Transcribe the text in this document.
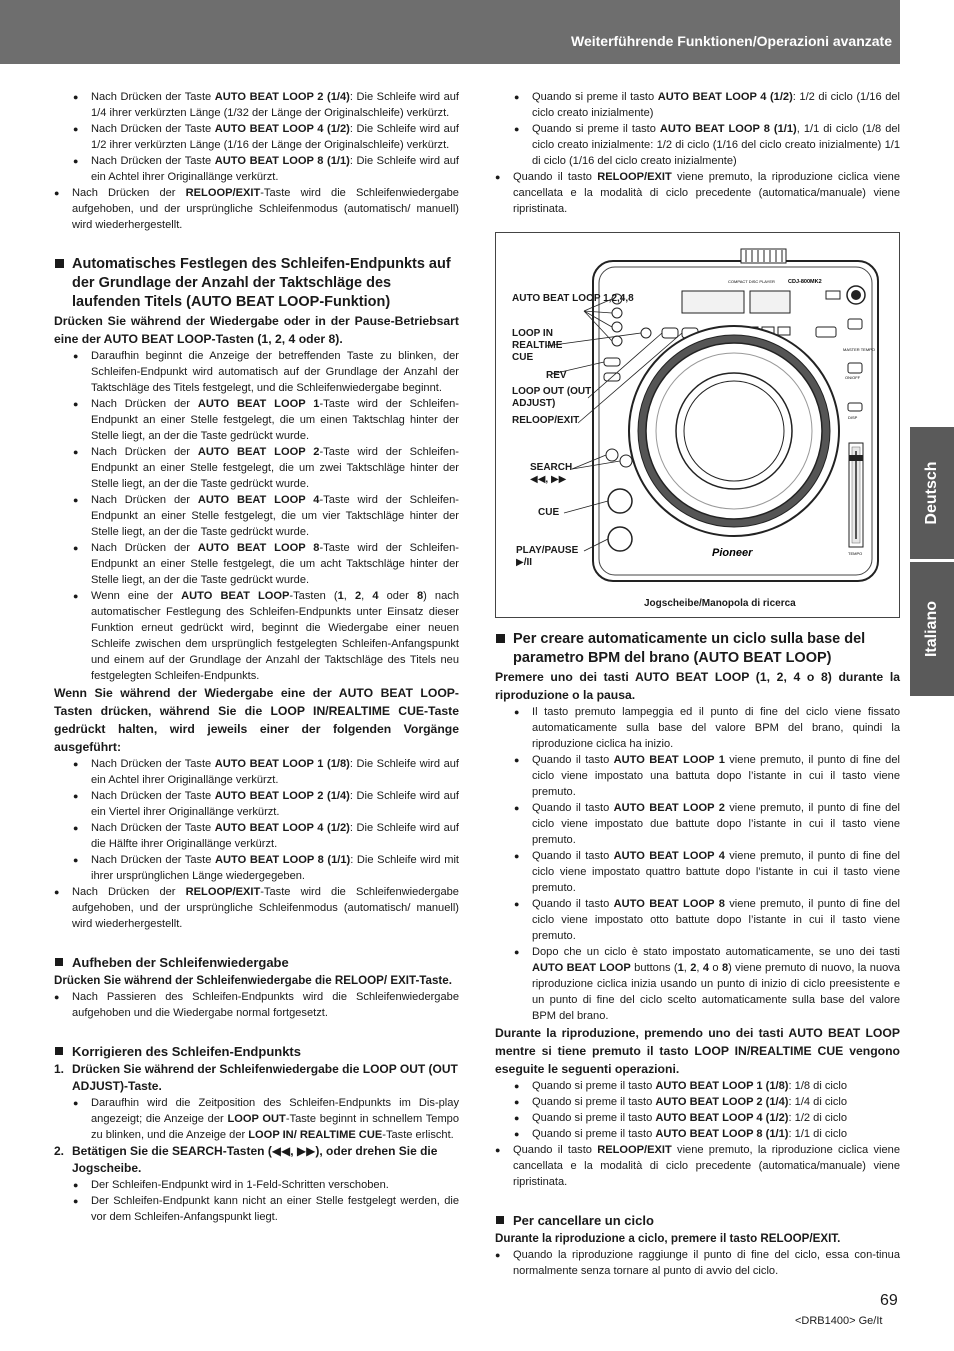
Weiterführende Funktionen/Operazioni avanzate
Deutsch
Italiano
● Nach Drücken der Taste AUTO BEAT LOOP 2 (1/4): Die Schleife wird auf 1/4 ihrer verkürzten Länge (1/32 der Länge der Originalschleife) verkürzt.
● Nach Drücken der Taste AUTO BEAT LOOP 4 (1/2): Die Schleife wird auf 1/2 ihrer verkürzten Länge (1/16 der Länge der Originalschleife) verkürzt.
● Nach Drücken der Taste AUTO BEAT LOOP 8 (1/1): Die Schleife wird auf ein Achtel ihrer Originallänge verkürzt.
● Nach Drücken der RELOOP/EXIT-Taste wird die Schleifenwiedergabe aufgehoben, und der ursprüngliche Schleifenmodus (automatisch/ manuell) wird wiederhergestellt.
Automatisches Festlegen des Schleifen-Endpunkts auf der Grundlage der Anzahl der Taktschläge des laufenden Titels (AUTO BEAT LOOP-Funktion)
Drücken Sie während der Wiedergabe oder in der Pause-Betriebsart eine der AUTO BEAT LOOP-Tasten (1, 2, 4 oder 8).
● Daraufhin beginnt die Anzeige der betreffenden Taste zu blinken, der Schleifen-Endpunkt wird automatisch auf der Grundlage der Anzahl der Taktschläge des Titels festgelegt, und die Schleifenwiedergabe beginnt.
● Nach Drücken der AUTO BEAT LOOP 1-Taste wird der Schleifen-Endpunkt an einer Stelle festgelegt, die um einen Taktschlag hinter der Stelle liegt, an der die Taste gedrückt wurde.
● Nach Drücken der AUTO BEAT LOOP 2-Taste wird der Schleifen-Endpunkt an einer Stelle festgelegt, die um zwei Taktschläge hinter der Stelle liegt, an der die Taste gedrückt wurde.
● Nach Drücken der AUTO BEAT LOOP 4-Taste wird der Schleifen-Endpunkt an einer Stelle festgelegt, die um vier Taktschläge hinter der Stelle liegt, an der die Taste gedrückt wurde.
● Nach Drücken der AUTO BEAT LOOP 8-Taste wird der Schleifen-Endpunkt an einer Stelle festgelegt, die um acht Taktschläge hinter der Stelle liegt, an der die Taste gedrückt wurde.
● Wenn eine der AUTO BEAT LOOP-Tasten (1, 2, 4 oder 8) nach automatischer Festlegung des Schleifen-Endpunkts unter Einsatz dieser Funktion erneut gedrückt wird, beginnt die Wiedergabe einer neuen Schleife zwischen dem ursprünglich festgelegten Schleifen-Anfangspunkt und einem auf der Grundlage der Anzahl der Taktschläge des Titels neu festgelegten Schleifen-Endpunkts.
Wenn Sie während der Wiedergabe eine der AUTO BEAT LOOP-Tasten drücken, während Sie die LOOP IN/REALTIME CUE-Taste gedrückt halten, wird jeweils einer der folgenden Vorgänge ausgeführt:
● Nach Drücken der Taste AUTO BEAT LOOP 1 (1/8): Die Schleife wird auf ein Achtel ihrer Originallänge verkürzt.
● Nach Drücken der Taste AUTO BEAT LOOP 2 (1/4): Die Schleife wird auf ein Viertel ihrer Originallänge verkürzt.
● Nach Drücken der Taste AUTO BEAT LOOP 4 (1/2): Die Schleife wird auf die Hälfte ihrer Originallänge verkürzt.
● Nach Drücken der Taste AUTO BEAT LOOP 8 (1/1): Die Schleife wird mit ihrer ursprünglichen Länge wiedergegeben.
● Nach Drücken der RELOOP/EXIT-Taste wird die Schleifenwiedergabe aufgehoben, und der ursprüngliche Schleifenmodus (automatisch/ manuell) wird wiederhergestellt.
Aufheben der Schleifenwiedergabe
Drücken Sie während der Schleifenwiedergabe die RELOOP/ EXIT-Taste.
● Nach Passieren des Schleifen-Endpunkts wird die Schleifenwiedergabe aufgehoben und die Wiedergabe normal fortgesetzt.
Korrigieren des Schleifen-Endpunkts
1. Drücken Sie während der Schleifenwiedergabe die LOOP OUT (OUT ADJUST)-Taste.
● Daraufhin wird die Zeitposition des Schleifen-Endpunkts im Dis-play angezeigt; die Anzeige der LOOP OUT-Taste beginnt in schnellem Tempo zu blinken, und die Anzeige der LOOP IN/ REALTIME CUE-Taste erlischt.
2. Betätigen Sie die SEARCH-Tasten (◀◀, ▶▶), oder drehen Sie die Jogscheibe.
● Der Schleifen-Endpunkt wird in 1-Feld-Schritten verschoben.
● Der Schleifen-Endpunkt kann nicht an einer Stelle festgelegt werden, die vor dem Schleifen-Anfangspunkt liegt.
● Quando si preme il tasto AUTO BEAT LOOP 4 (1/2): 1/2 di ciclo (1/16 del ciclo creato inizialmente)
● Quando si preme il tasto AUTO BEAT LOOP 8 (1/1), 1/1 di ciclo (1/8 del ciclo creato inizialmente: 1/2 di ciclo (1/16 del ciclo creato inizialmente) 1/1 di ciclo (1/16 del ciclo creato inizialmente)
● Quando il tasto RELOOP/EXIT viene premuto, la riproduzione ciclica viene cancellata e la modalità di ciclo precedente (automatica/manuale) viene ripristinata.
COMPACT DISC PLAYER CDJ-800MK2
Pioneer
MASTER TEMPO
ON/OFF
DISP
TEMPO
AUTO BEAT LOOP 1,2,4,8
LOOP IN REALTIME CUE
REV
LOOP OUT (OUT ADJUST)
RELOOP/EXIT
SEARCH ◀◀, ▶▶
CUE
PLAY/PAUSE ▶/II
Jogscheibe/Manopola di ricerca
Per creare automaticamente un ciclo sulla base del parametro BPM del brano (AUTO BEAT LOOP)
Premere uno dei tasti AUTO BEAT LOOP (1, 2, 4 o 8) durante la riproduzione o la pausa.
● Il tasto premuto lampeggia ed il punto di fine del ciclo viene fissato automaticamente sulla base del valore BPM del brano, quindi la riproduzione ciclica ha inizio.
● Quando il tasto AUTO BEAT LOOP 1 viene premuto, il punto di fine del ciclo viene impostato una battuta dopo l’istante in cui il tasto viene premuto.
● Quando il tasto AUTO BEAT LOOP 2 viene premuto, il punto di fine del ciclo viene impostato due battute dopo l’istante in cui il tasto viene premuto.
● Quando il tasto AUTO BEAT LOOP 4 viene premuto, il punto di fine del ciclo viene impostato quattro battute dopo l’istante in cui il tasto viene premuto.
● Quando il tasto AUTO BEAT LOOP 8 viene premuto, il punto di fine del ciclo viene impostato otto battute dopo l’istante in cui il tasto viene premuto.
● Dopo che un ciclo è stato impostato automaticamente, se uno dei tasti AUTO BEAT LOOP buttons (1, 2, 4 o 8) viene premuto di nuovo, la nuova riproduzione ciclica inizia usando un punto di inizio di ciclo preesistente e un punto di fine del ciclo scelto automaticamente sulla base del valore BPM del brano.
Durante la riproduzione, premendo uno dei tasti AUTO BEAT LOOP mentre si tiene premuto il tasto LOOP IN/REALTIME CUE vengono eseguite le seguenti operazioni.
● Quando si preme il tasto AUTO BEAT LOOP 1 (1/8): 1/8 di ciclo
● Quando si preme il tasto AUTO BEAT LOOP 2 (1/4): 1/4 di ciclo
● Quando si preme il tasto AUTO BEAT LOOP 4 (1/2): 1/2 di ciclo
● Quando si preme il tasto AUTO BEAT LOOP 8 (1/1): 1/1 di ciclo
● Quando il tasto RELOOP/EXIT viene premuto, la riproduzione ciclica viene cancellata e la modalità di ciclo precedente (automatica/manuale) viene ripristinata.
Per cancellare un ciclo
Durante la riproduzione a ciclo, premere il tasto RELOOP/EXIT.
● Quando la riproduzione raggiunge il punto di fine del ciclo, essa con-tinua normalmente senza tornare al punto di avvio del ciclo.
69
<DRB1400> Ge/It
